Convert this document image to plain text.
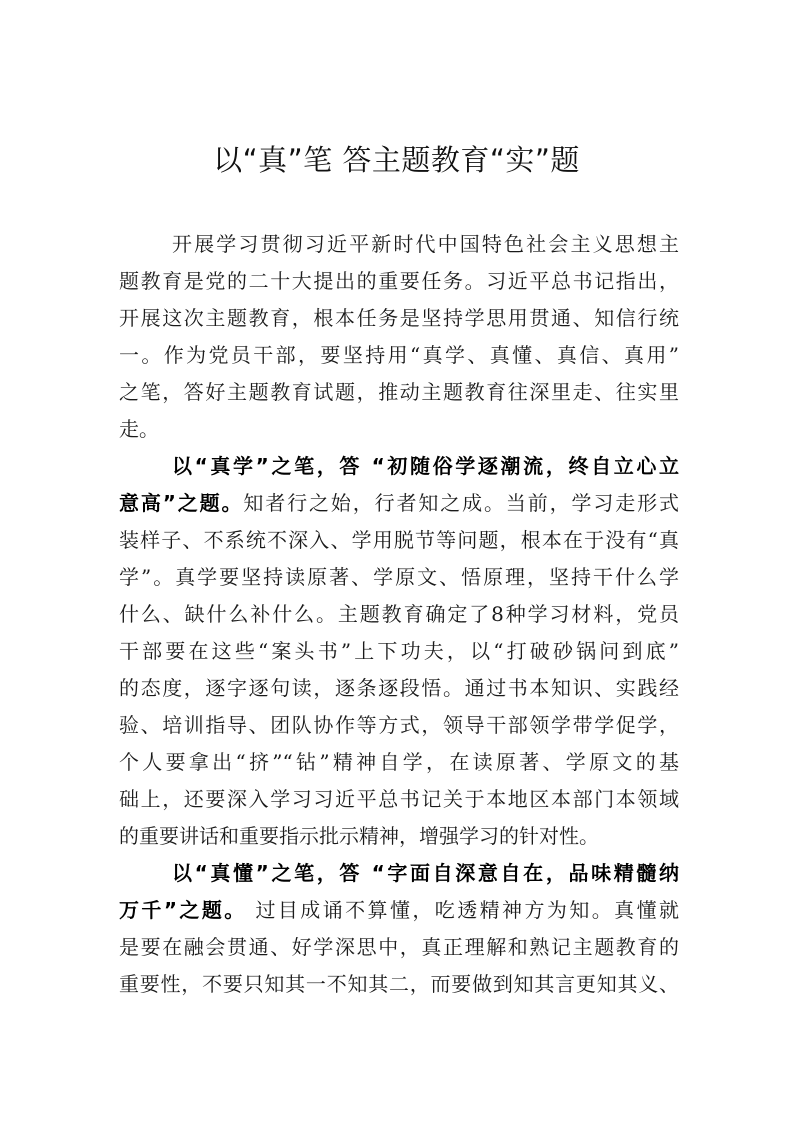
以“真”笔 答主题教育“实”题
开展学习贯彻习近平新时代中国特色社会主义思想主
题教育是党的二十大提出的重要任务。习近平总书记指出，
开展这次主题教育，根本任务是坚持学思用贯通、知信行统
一。作为党员干部，要坚持用“真学、真懂、真信、真用”
之笔，答好主题教育试题，推动主题教育往深里走、往实里
走。
以“真学”之笔，答 “初随俗学逐潮流，终自立心立
意高”之题。知者行之始，行者知之成。当前，学习走形式
装样子、不系统不深入、学用脱节等问题，根本在于没有“真
学”。真学要坚持读原著、学原文、悟原理，坚持干什么学
什么、缺什么补什么。主题教育确定了8种学习材料，党员
干部要在这些“案头书”上下功夫，以“打破砂锅问到底”
的态度，逐字逐句读，逐条逐段悟。通过书本知识、实践经
验、培训指导、团队协作等方式，领导干部领学带学促学，
个人要拿出“挤”“钻”精神自学，在读原著、学原文的基
础上，还要深入学习习近平总书记关于本地区本部门本领域
的重要讲话和重要指示批示精神，增强学习的针对性。
以“真懂”之笔，答 “字面自深意自在，品味精髓纳
万千”之题。 过目成诵不算懂，吃透精神方为知。真懂就
是要在融会贯通、好学深思中，真正理解和熟记主题教育的
重要性，不要只知其一不知其二，而要做到知其言更知其义、
